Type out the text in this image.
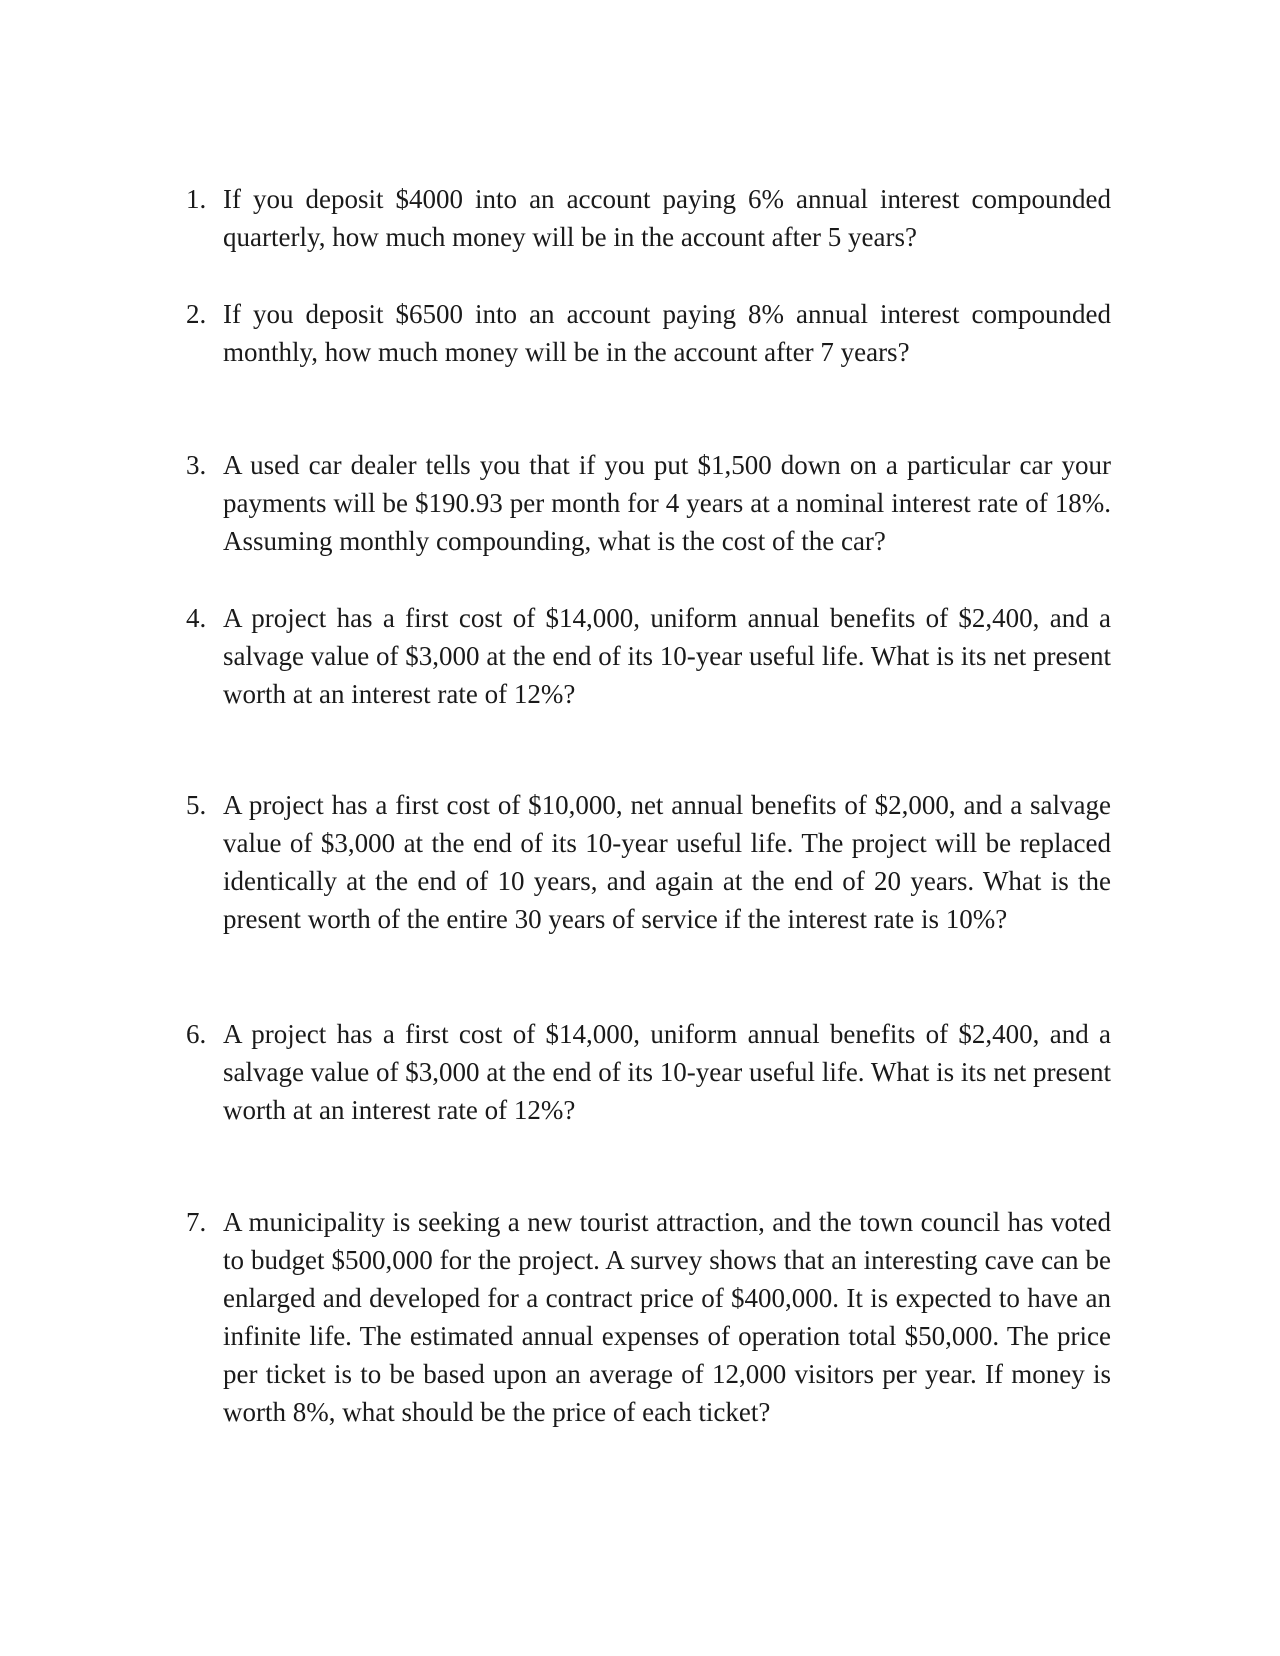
1. If you deposit $4000 into an account paying 6% annual interest compounded quarterly, how much money will be in the account after 5 years?
2. If you deposit $6500 into an account paying 8% annual interest compounded monthly, how much money will be in the account after 7 years?
3. A used car dealer tells you that if you put $1,500 down on a particular car your payments will be $190.93 per month for 4 years at a nominal interest rate of 18%. Assuming monthly compounding, what is the cost of the car?
4. A project has a first cost of $14,000, uniform annual benefits of $2,400, and a salvage value of $3,000 at the end of its 10-year useful life. What is its net present worth at an interest rate of 12%?
5. A project has a first cost of $10,000, net annual benefits of $2,000, and a salvage value of $3,000 at the end of its 10-year useful life. The project will be replaced identically at the end of 10 years, and again at the end of 20 years. What is the present worth of the entire 30 years of service if the interest rate is 10%?
6. A project has a first cost of $14,000, uniform annual benefits of $2,400, and a salvage value of $3,000 at the end of its 10-year useful life. What is its net present worth at an interest rate of 12%?
7. A municipality is seeking a new tourist attraction, and the town council has voted to budget $500,000 for the project. A survey shows that an interesting cave can be enlarged and developed for a contract price of $400,000. It is expected to have an infinite life. The estimated annual expenses of operation total $50,000. The price per ticket is to be based upon an average of 12,000 visitors per year. If money is worth 8%, what should be the price of each ticket?
